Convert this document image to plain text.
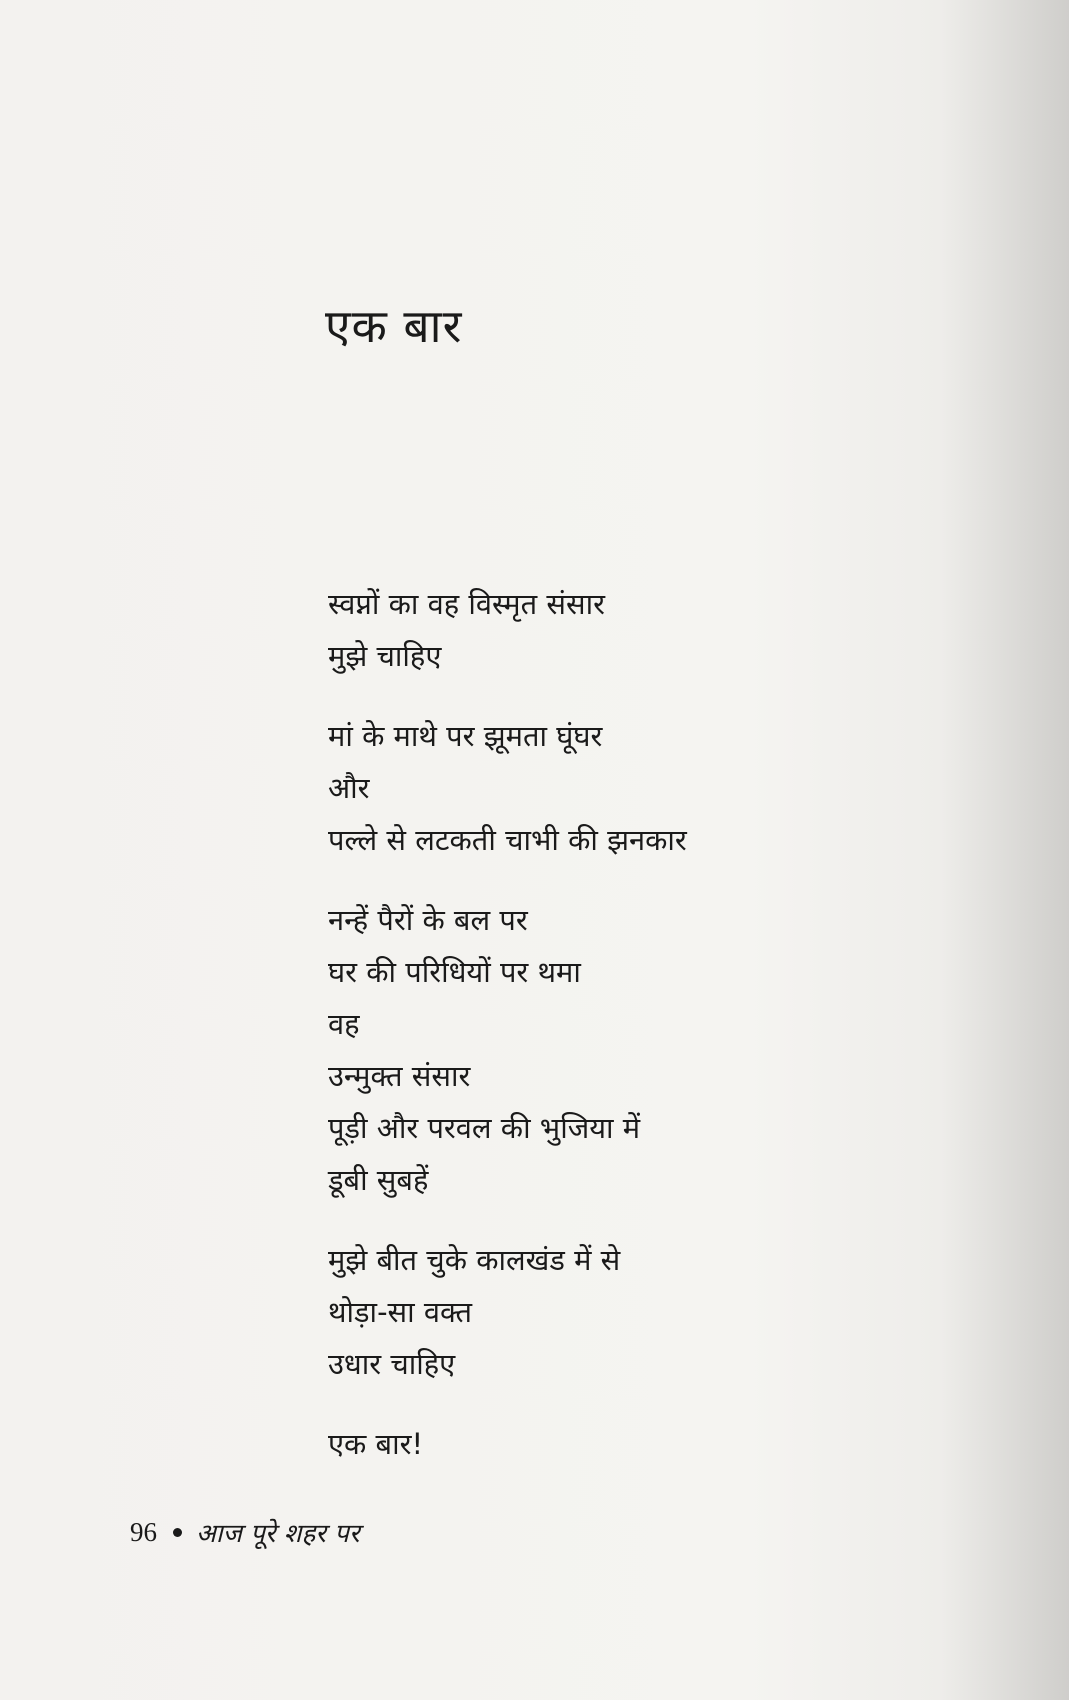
एक बार
स्वप्नों का वह विस्मृत संसार
मुझे चाहिए
मां के माथे पर झूमता घूंघर
और
पल्ले से लटकती चाभी की झनकार
नन्हें पैरों के बल पर
घर की परिधियों पर थमा
वह
उन्मुक्त संसार
पूड़ी और परवल की भुजिया में
डूबी सुबहें
मुझे बीत चुके कालखंड में से
थोड़ा-सा वक्त
उधार चाहिए
एक बार!
96 आज पूरे शहर पर
